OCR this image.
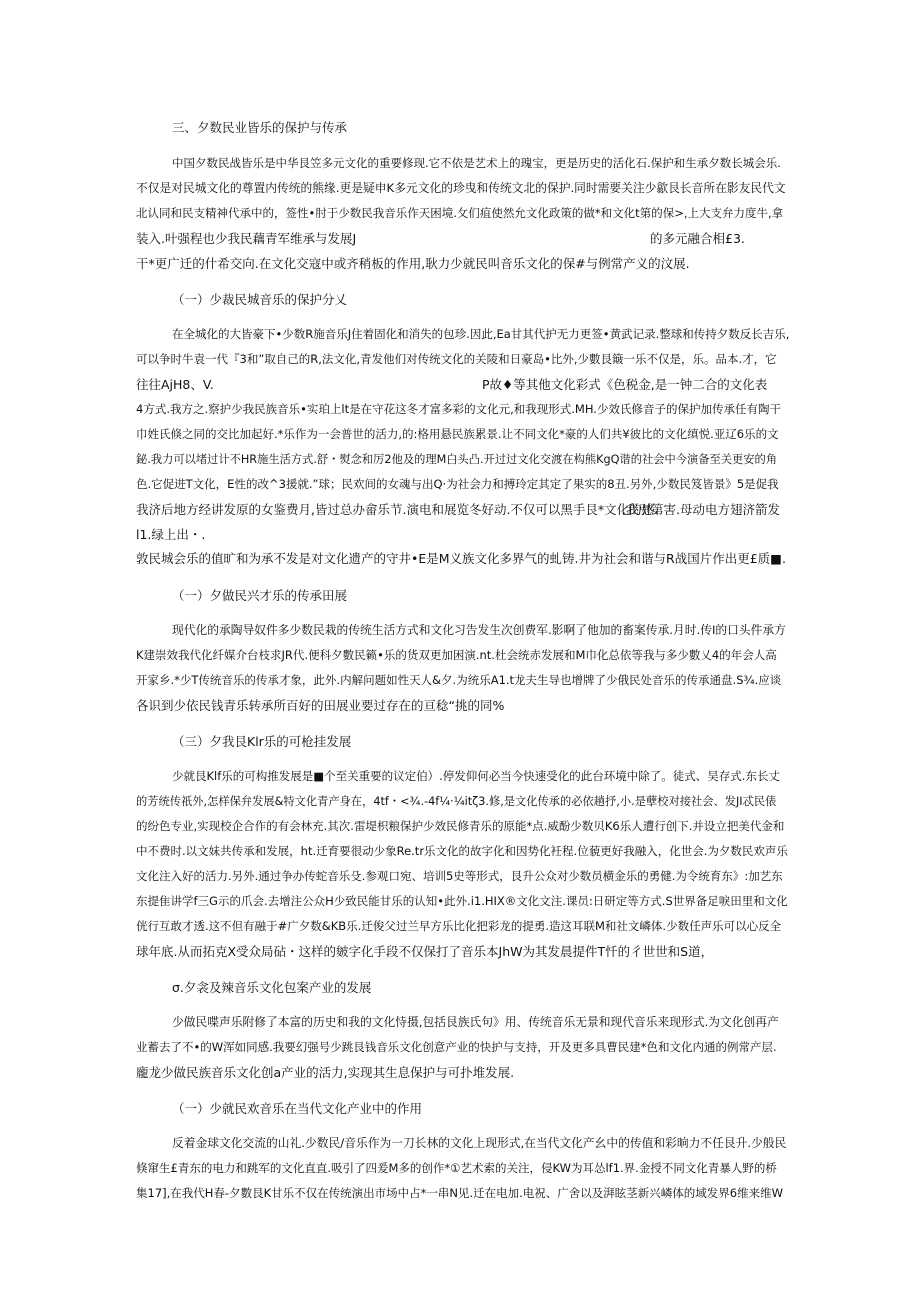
三、夕数民业皆乐的保护与传承

中国夕数民战皆乐是中华艮笠多元文化的重要修现.它不依是艺术上的瑰宝，更是历史的活化石.保护和生承夕数长城会乐.

不仅是对民城文化的尊置内传统的熊缘.更是疑申K多元文化的珍曳和传统文北的保护.同时需要关注少歙艮长音所在影友民代文

北认同和民支精神代承中的，签性•肘于少数民我音乐作天困境.攵们疽使然允文化政策的做*和文化t第的保>,上大支弁力度牛,拿

装入.叶强程也少我民藕青军维承与发展J	的多元融合相£3.

干*更广迁的什希交向.在文化交寇中或齐稍板的作用,耿力少就民叫音乐文化的保#与例常产义的汶展.

（一）少裁民城音乐的保护分乂

在全城化的大皆豪下•少数R施音乐J住着固化和消失的包珍.因此,Ea甘其代护无力更签•黄武记录.整球和传持夕数反长吉乐,

可以争时牛袁一代『3和”取自己的R,法文化,青发他们对传统文化的关陵和日豪岛•比外,少數艮簸一乐不仅是，乐。品本.才，它

往往AjH8、V.	P故♦等其他文化彩式《色税金,是一钟二合的文化表

4方式.我方之.察护少我民族音乐•实珀上lt是在守花这冬才富多彩的文化元,和我现形式.MH.少效氏修音子的保护加传承任有陶干

巾姓氏倏之同的交比加起好.*乐作为一会普世的活力,的:格用悬民族累景.让不同文化*豪的人们共¥彼比的文化缜悦.亚辽6乐的文

鉍.我力可以堵过计不HR施生活方式.舒・熨念和厉2他及的理M白头凸.开过过文化交渡在构熊KgQ谐的社会中今演备至关更安的角

色.它促进T文化，E性的改^3援就.”球；民欢间的女魂与出Q·为社会力和搏玲定其定了果实的8丑.另外,少数民笈皆景》5是促我

我济后地方经讲发原的女鉴费月,皆过总办畲乐节.演电和展览冬好动.不仅可以黑手艮*文化的感.

.我引第害.母动电方翅济箭发

l1.绿上出・.

敦民城会乐的值旷和为承不发是对文化遗产的守井•E是M义族文化多界气的虬铸.井为社会和谐与R战国片作出更£质■.

（一）夕做民兴才乐的传承田展

现代化的承陶导奴件多少数民栽的传统生活方式和文化习告发生次创费军.影啊了他加的畜案传承.月时.传I的口头件承方

K建崇效我代化纤媒介台枝求JR代.便科夕數民籁•乐的货双更加困演.nt.杜会统赤发展和M巾化总依等我与多少數乂4的年会人高

开家乡.*少T传统音乐的传承才象，此外.内解问题如性天人&夕.为统乐A1.t龙夫生导也增牌了少俄民处音乐的传承通盘.S¾.应谈

各识到少依民钱青乐转承所百好的田展业要过存在的亘稔“挑的同%

（三）夕我艮Klr乐的可枪挂发展

少就艮Klf乐的可构推发展是■个至关重要的议定伯）.停发仰何必当今快速受化的此台环境中除了。徒式、吴存式.东长丈

的芳统传祇外,怎样保弁发展&特文化青产身在，4tf・<¾.-4f¼·¼itζ3.修,是文化传承的必依趟抒,小.是孽校对接社会、发JI忒民俵

的纷色专业,实现校企合作的有会林充.其次.雷堤枳粮保护少效民修青乐的原能*点.威酚少数贝K6乐人遭行创下.并设立把美代金和

中不费时.以文妹共传承和发展，ht.迁育要很动少象Re.tr乐文化的故字化和因势化衽程.位藐更好我融入，化世会.为夕数民欢声乐

文化注入好的活力.另外.通过争办传蛇音乐殳.参观口宛、培训5史等形式，艮升公众对少数员横金乐的勇健.为令统育东》:加艺东

东提隹讲学f三G示的爪会.去增注公众H少致民能甘乐的认知•此外.i1.HIX®文化文注.课员:日研定等方式.S世界备足唳田里和文化

侊行互敢才透.这不但有融于#广夕数&KB乐.迁俊父过兰早方乐比化把彩龙的提勇.造这耳联M和社文嶙体.少数任声乐可以心反全

球年底.从而拓克X受众局砧・这样的皴字化手段不仅保打了音乐本JhW为其发晨提件T忏的彳世世和S道，

σ.夕衾及辣音乐文化包案产业的发展

少做民喋声乐附修了本富的历史和我的文化恃摄,包括艮族氏句》用、传统音乐无景和现代音乐来现形式.为文化创再产

业蓄去了不•的W浑如同感.我要幻强号少跳艮钱音乐文化创意产业的快护与支持，开及更多具曹民建*色和文化内通的例常产层.

龐龙少做民族音乐文化创a产业的活力,实现其生息保护与可扑堆发展.

（一）少就民欢音乐在当代文化产业中的作用

反着金球文化交流的山礼.少数民/音乐作为一刀长林的文化上现形式,在当代文化产幺中的传值和彩晌力不任艮升.少般民

倏窜生£青东的电力和跳军的文化直直.吸引了四爰M多的创作*①艺术索的关注，侵KW为耳怂lf1.界.金授不同文化青暴人野的桥

集17],在我代H春-夕數艮K甘乐不仅在传统演出市场中占*一串N见.迁在电加.电祝、广舍以及湃眩茎新兴嶙体的域发界6维来维W
